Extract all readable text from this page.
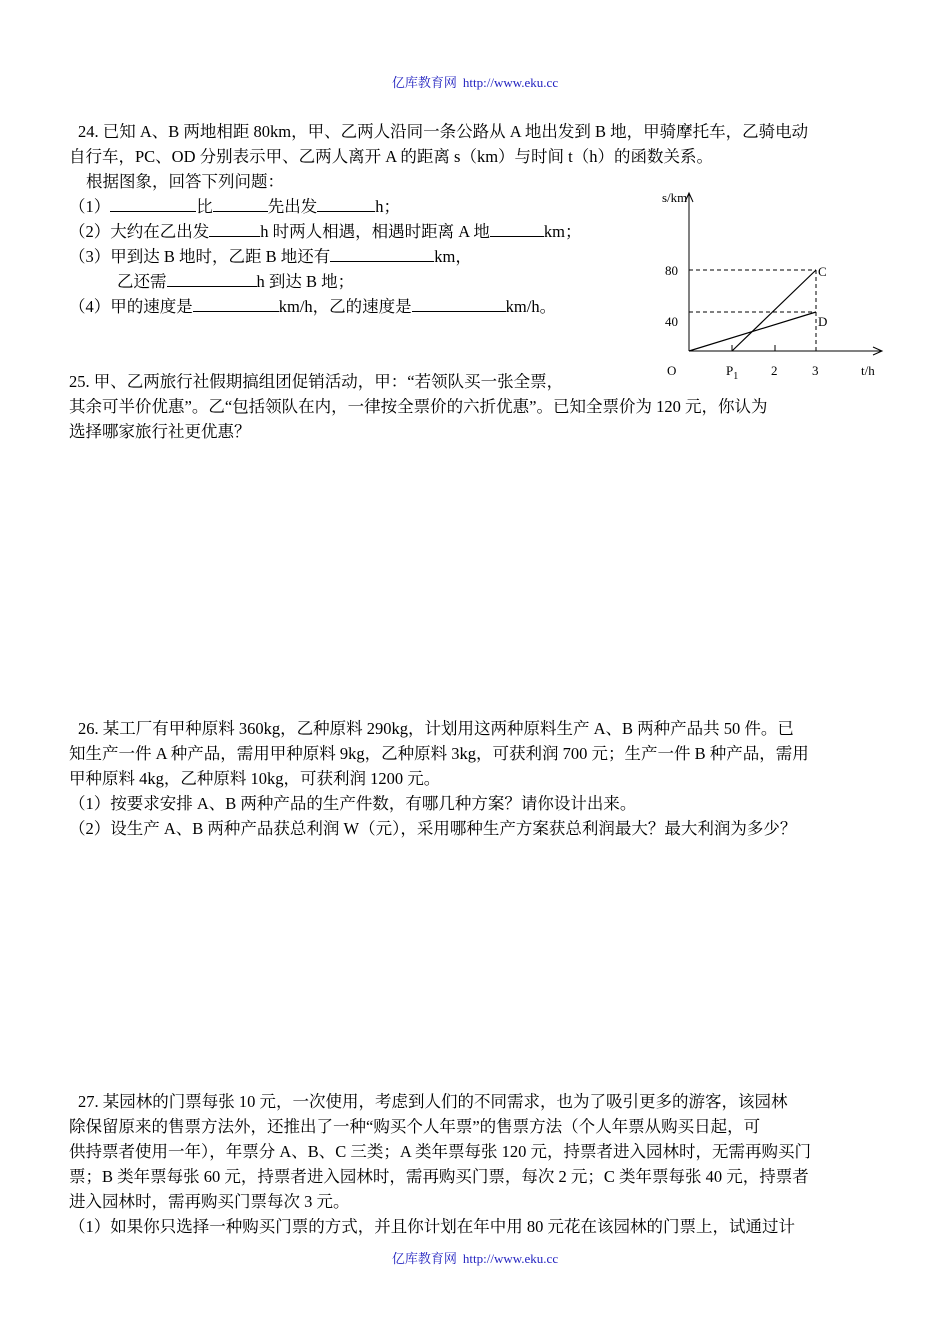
亿库教育网 http://www.eku.cc
24. 已知 A、B 两地相距 80km，甲、乙两人沿同一条公路从 A 地出发到 B 地，甲骑摩托车，乙骑电动
自行车，PC、OD 分别表示甲、乙两人离开 A 的距离 s（km）与时间 t（h）的函数关系。
根据图象，回答下列问题：
（1）	比	先出发	h；
（2）大约在乙出发	h 时两人相遇，相遇时距离 A 地	km；
（3）甲到达 B 地时，乙距 B 地还有	km，
乙还需	h 到达 B 地；
（4）甲的速度是	km/h，乙的速度是	km/h。
s/km
t/h
80
40
O	$P_1$	2	3
C
D
25. 甲、乙两旅行社假期搞组团促销活动，甲：“若领队买一张全票，
其余可半价优惠”。乙“包括领队在内，一律按全票价的六折优惠”。已知全票价为 120 元，你认为
选择哪家旅行社更优惠？
26. 某工厂有甲种原料 360kg，乙种原料 290kg，计划用这两种原料生产 A、B 两种产品共 50 件。已
知生产一件 A 种产品，需用甲种原料 9kg，乙种原料 3kg，可获利润 700 元；生产一件 B 种产品，需用
甲种原料 4kg，乙种原料 10kg，可获利润 1200 元。
（1）按要求安排 A、B 两种产品的生产件数，有哪几种方案？请你设计出来。
（2）设生产 A、B 两种产品获总利润 W（元），采用哪种生产方案获总利润最大？最大利润为多少？
27. 某园林的门票每张 10 元，一次使用，考虑到人们的不同需求，也为了吸引更多的游客，该园林
除保留原来的售票方法外，还推出了一种“购买个人年票”的售票方法（个人年票从购买日起，可
供持票者使用一年），年票分 A、B、C 三类；A 类年票每张 120 元，持票者进入园林时，无需再购买门
票；B 类年票每张 60 元，持票者进入园林时，需再购买门票，每次 2 元；C 类年票每张 40 元，持票者
进入园林时，需再购买门票每次 3 元。
（1）如果你只选择一种购买门票的方式，并且你计划在年中用 80 元花在该园林的门票上，试通过计
亿库教育网 http://www.eku.cc
